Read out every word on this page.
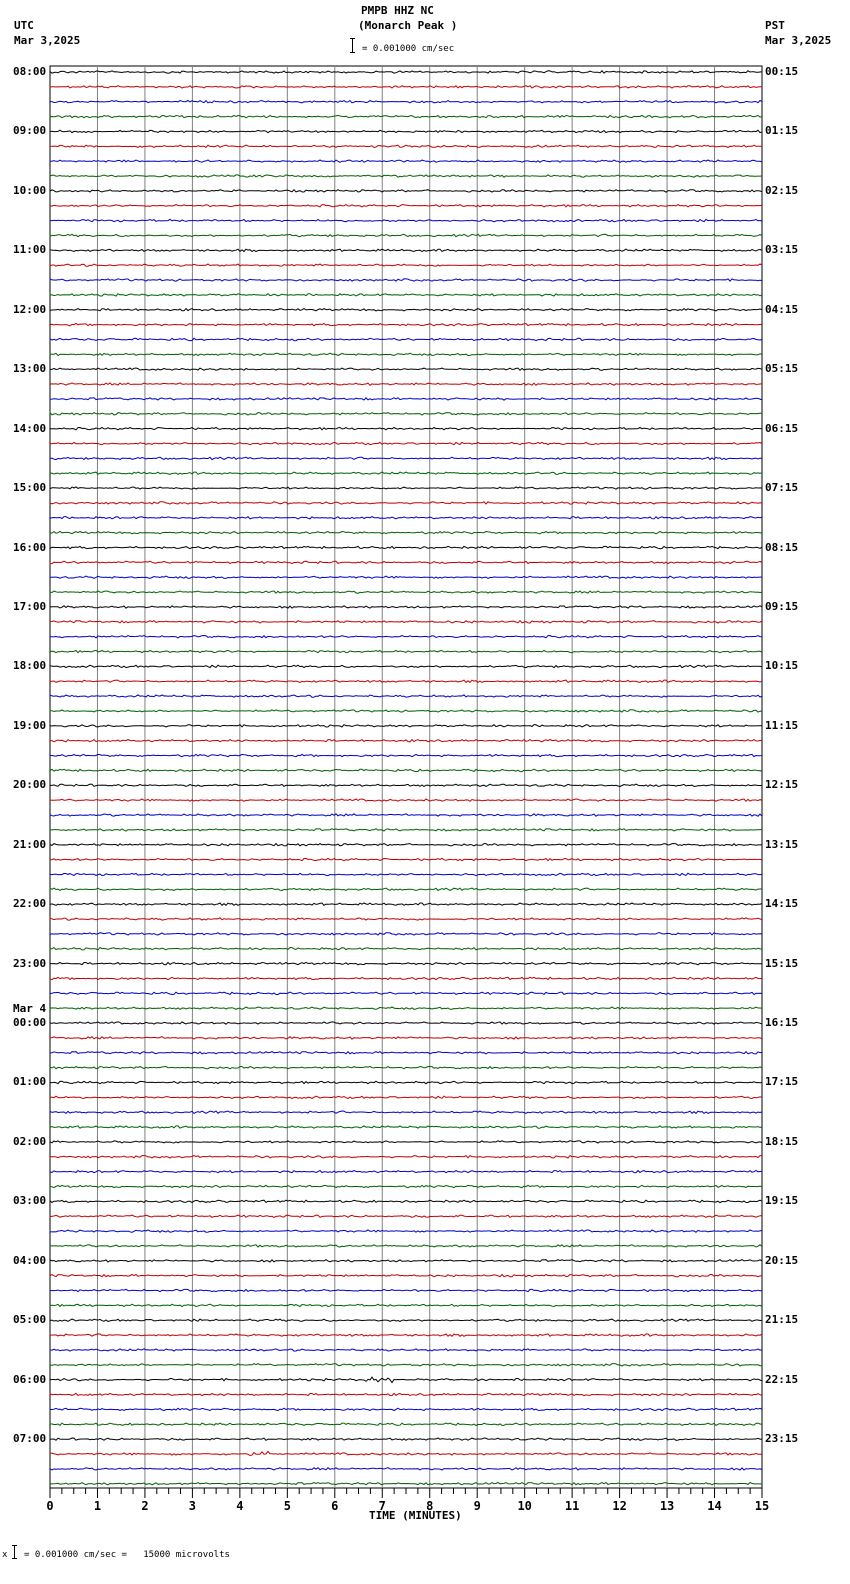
PMPB HHZ NC
(Monarch Peak )
= 0.001000 cm/sec
UTC
Mar 3,2025
PST
Mar 3,2025
0	1	2	3	4	5	6	7	8	9	10	11	12	13	14	15
08:00	00:15
09:00	01:15
10:00	02:15
11:00	03:15
12:00	04:15
13:00	05:15
14:00	06:15
15:00	07:15
16:00	08:15
17:00	09:15
18:00	10:15
19:00	11:15
20:00	12:15
21:00	13:15
22:00	14:15
23:00	15:15
00:00	16:15
01:00	17:15
02:00	18:15
03:00	19:15
04:00	20:15
05:00	21:15
06:00	22:15
07:00	23:15
Mar 4
TIME (MINUTES)
x = 0.001000 cm/sec =   15000 microvolts
